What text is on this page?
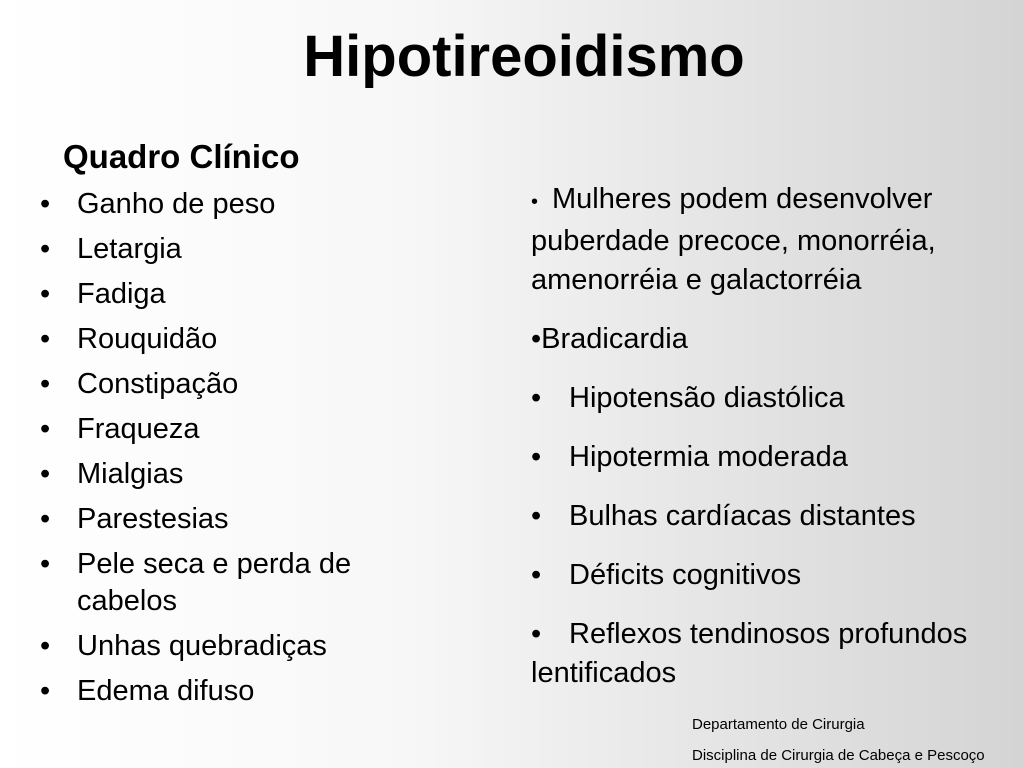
Hipotireoidismo
Quadro Clínico
• Ganho de peso
• Letargia
• Fadiga
• Rouquidão
• Constipação
• Fraqueza
• Mialgias
• Parestesias
• Pele seca e perda de cabelos
• Unhas quebradiças
• Edema difuso

• Mulheres podem desenvolver puberdade precoce, monorréia, amenorréia e galactorréia

•Bradicardia

• Hipotensão diastólica

• Hipotermia moderada

• Bulhas cardíacas distantes

• Déficits cognitivos

• Reflexos tendinosos profundos lentificados

Departamento de Cirurgia
Disciplina de Cirurgia de Cabeça e Pescoço
